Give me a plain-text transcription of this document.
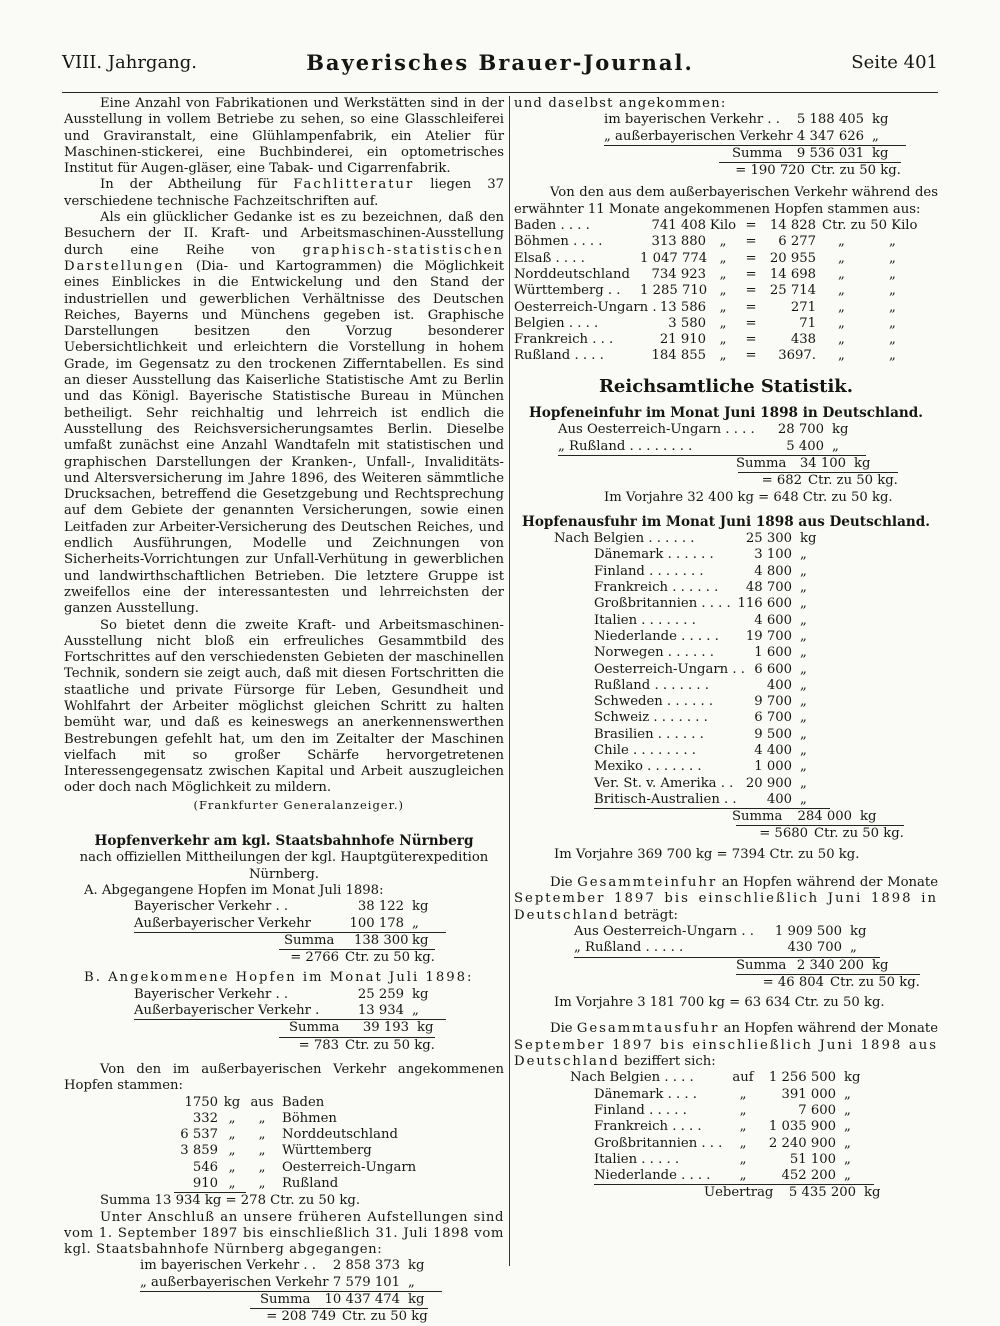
VIII. Jahrgang.	Bayerisches Brauer-Journal.	Seite 401

Eine Anzahl von Fabrikationen und Werkstätten sind in der Ausstellung in vollem Betriebe zu sehen, so eine Glasschleiferei und Graviranstalt, eine Glühlampenfabrik, ein Atelier für Maschinen-stickerei, eine Buchbinderei, ein optometrisches Institut für Augen-gläser, eine Tabak- und Cigarrenfabrik.

In der Abtheilung für Fachlitteratur liegen 37 verschiedene technische Fachzeitschriften auf.

Als ein glücklicher Gedanke ist es zu bezeichnen, daß den Besuchern der II. Kraft- und Arbeitsmaschinen-Ausstellung durch eine Reihe von graphisch-statistischen Darstellungen (Dia- und Kartogrammen) die Möglichkeit eines Einblickes in die Entwickelung und den Stand der industriellen und gewerblichen Verhältnisse des Deutschen Reiches, Bayerns und Münchens gegeben ist. Graphische Darstellungen besitzen den Vorzug besonderer Uebersichtlichkeit und erleichtern die Vorstellung in hohem Grade, im Gegensatz zu den trockenen Zifferntabellen. Es sind an dieser Ausstellung das Kaiserliche Statistische Amt zu Berlin und das Königl. Bayerische Statistische Bureau in München betheiligt. Sehr reichhaltig und lehrreich ist endlich die Ausstellung des Reichsversicherungsamtes Berlin. Dieselbe umfaßt zunächst eine Anzahl Wandtafeln mit statistischen und graphischen Darstellungen der Kranken-, Unfall-, Invaliditäts- und Altersversicherung im Jahre 1896, des Weiteren sämmtliche Drucksachen, betreffend die Gesetzgebung und Rechtsprechung auf dem Gebiete der genannten Versicherungen, sowie einen Leitfaden zur Arbeiter-Versicherung des Deutschen Reiches, und endlich Ausführungen, Modelle und Zeichnungen von Sicherheits-Vorrichtungen zur Unfall-Verhütung in gewerblichen und landwirthschaftlichen Betrieben. Die letztere Gruppe ist zweifellos eine der interessantesten und lehrreichsten der ganzen Ausstellung.

So bietet denn die zweite Kraft- und Arbeitsmaschinen-Ausstellung nicht bloß ein erfreuliches Gesammtbild des Fortschrittes auf den verschiedensten Gebieten der maschinellen Technik, sondern sie zeigt auch, daß mit diesen Fortschritten die staatliche und private Fürsorge für Leben, Gesundheit und Wohlfahrt der Arbeiter möglichst gleichen Schritt zu halten bemüht war, und daß es keineswegs an anerkennenswerthen Bestrebungen gefehlt hat, um den im Zeitalter der Maschinen vielfach mit so großer Schärfe hervorgetretenen Interessengegensatz zwischen Kapital und Arbeit auszugleichen oder doch nach Möglichkeit zu mildern.

(Frankfurter Generalanzeiger.)
Hopfenverkehr am kgl. Staatsbahnhofe Nürnberg
nach offiziellen Mittheilungen der kgl. Hauptgüterexpedition Nürnberg.
A. Abgegangene Hopfen im Monat Juli 1898:
Bayerischer Verkehr . .	38 122 kg
Außerbayerischer Verkehr	100 178 „
Summa	138 300 kg
= 2766 Ctr. zu 50 kg.
B. Angekommene Hopfen im Monat Juli 1898:
Bayerischer Verkehr . .	25 259 kg
Außerbayerischer Verkehr .	13 934 „
Summa	39 193 kg
= 783 Ctr. zu 50 kg.

Von den im außerbayerischen Verkehr angekommenen Hopfen stammen:

1750 kg aus Baden
332 „	„	Böhmen
6 537 „	„	Norddeutschland
3 859 „	„	Württemberg
546 „	„	Oesterreich-Ungarn
910 „	„	Rußland
Summa 13 934 kg = 278 Ctr. zu 50 kg.

Unter Anschluß an unsere früheren Aufstellungen sind vom 1. September 1897 bis einschließlich 31. Juli 1898 vom kgl. Staatsbahnhofe Nürnberg abgegangen:

im bayerischen Verkehr . .	2 858 373 kg
„ außerbayerischen Verkehr 7 579 101 „
Summa	10 437 474 kg
= 208 749 Ctr. zu 50 kg
und daselbst angekommen:
im bayerischen Verkehr . .	5 188 405 kg
„ außerbayerischen Verkehr 4 347 626 „
Summa	9 536 031 kg
= 190 720 Ctr. zu 50 kg.

Von den aus dem außerbayerischen Verkehr während des erwähnter 11 Monate angekommenen Hopfen stammen aus:

Baden . . . .	741 408 Kilo =	14 828 Ctr. zu 50 Kilo
Böhmen . . . .	313 880	„	=	6 277	„ „
Elsaß . . . .	1 047 774 „	=	20 955	„ „
Norddeutschland	734 923	„	=	14 698	„ „
Württemberg . .	1 285 710 „	=	25 714	„ „
Oesterreich-Ungarn . 13 586	„	=	271	„ „
Belgien . . . .	3 580	„	=	71	„ „
Frankreich . . .	21 910	„	=	438	„ „
Rußland . . . .	184 855	„	=	3697.	„ „
Reichsamtliche Statistik.
Hopfeneinfuhr im Monat Juni 1898 in Deutschland.
Aus Oesterreich-Ungarn . . . .	28 700 kg
„ Rußland . . . . . . . .	5 400 „
Summa	34 100 kg
= 682 Ctr. zu 50 kg.
Im Vorjahre 32 400 kg = 648 Ctr. zu 50 kg.
Hopfenausfuhr im Monat Juni 1898 aus Deutschland.
Nach Belgien . . . . . .	25 300 kg
Dänemark . . . . . .	3 100 „
Finland . . . . . . .	4 800 „
Frankreich . . . . . .	48 700 „
Großbritannien . . . . 116 600 „
Italien . . . . . . .	4 600 „
Niederlande . . . . .	19 700 „
Norwegen . . . . . .	1 600 „
Oesterreich-Ungarn . . 6 600 „
Rußland . . . . . . .	400 „
Schweden . . . . . .	9 700 „
Schweiz . . . . . . .	6 700 „
Brasilien . . . . . .	9 500 „
Chile . . . . . . . .	4 400 „
Mexiko . . . . . . .	1 000 „
Ver. St. v. Amerika . . 20 900 „
Britisch-Australien . .	400 „
Summa	284 000 kg
= 5680 Ctr. zu 50 kg.
Im Vorjahre 369 700 kg = 7394 Ctr. zu 50 kg.

Die Gesammteinfuhr an Hopfen während der Monate September 1897 bis einschließlich Juni 1898 in Deutschland beträgt:

Aus Oesterreich-Ungarn . .	1 909 500 kg
„ Rußland . . . . .	430 700 „
Summa 2 340 200 kg
= 46 804 Ctr. zu 50 kg.
Im Vorjahre 3 181 700 kg = 63 634 Ctr. zu 50 kg.

Die Gesammtausfuhr an Hopfen während der Monate September 1897 bis einschließlich Juni 1898 aus Deutschland beziffert sich:

Nach Belgien . . . .	auf	1 256 500 kg
Dänemark . . . .	„	391 000 „
Finland . . . . .	„	7 600 „
Frankreich . . . .	„	1 035 900 „
Großbritannien . . .	„	2 240 900 „
Italien . . . . .	„	51 100 „
Niederlande . . . .	„	452 200 „
Uebertrag	5 435 200 kg
